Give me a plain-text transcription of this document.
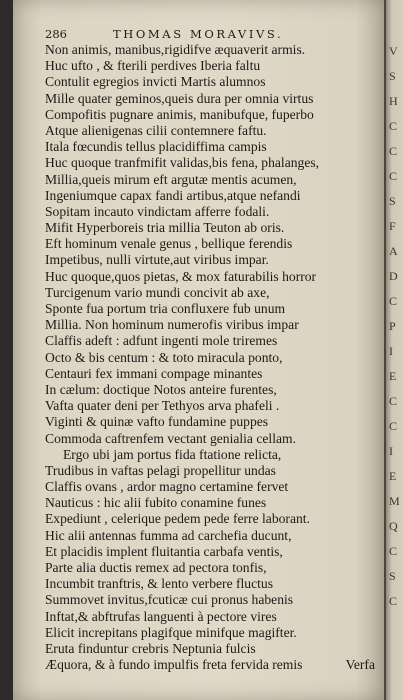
286	THOMAS MORAVIVS.
Non animis, manibus,rigidifve æquaverit armis.
Huc ufto , & fterili perdives Iberia faltu
Contulit egregios invicti Martis alumnos
Mille quater geminos,queis dura per omnia virtus
Compofitis pugnare animis, manibufque, fuperbo
Atque alienigenas cilii contemnere faftu.
Itala fœcundis tellus placidiffima campis
Huc quoque tranfmifit validas,bis fena, phalanges,
Millia,queis mirum eft argutæ mentis acumen,
Ingeniumque capax fandi artibus,atque nefandi
Sopitam incauto vindictam afferre fodali.
Mifit Hyperboreis tria millia Teuton ab oris.
Eft hominum venale genus , bellique ferendis
Impetibus, nulli virtute,aut viribus impar.
Huc quoque,quos pietas, & mox faturabilis horror
Turcigenum vario mundi concivit ab axe,
Sponte fua portum tria confluxere fub unum
Millia. Non hominum numerofis viribus impar
Claffis adeft : adfunt ingenti mole triremes
Octo & bis centum : & toto miracula ponto,
Centauri fex immani compage minantes
In cælum: doctique Notos anteire furentes,
Vafta quater deni per Tethyos arva phafeli .
Viginti & quinæ vafto fundamine puppes
Commoda caftrenfem vectant genialia cellam.
Ergo ubi jam portus fida ftatione relicta,
Trudibus in vaftas pelagi propellitur undas
Claffis ovans , ardor magno certamine fervet
Nauticus : hic alii fubito conamine funes
Expediunt , celerique pedem pede ferre laborant.
Hic alii antennas fumma ad carchefia ducunt,
Et placidis implent fluitantia carbafa ventis,
Parte alia ductis remex ad pectora tonfis,
Incumbit tranftris, & lento verbere fluctus
Summovet invitus,fcuticæ cui pronus habenis
Inftat,& abftrufas languenti à pectore vires
Elicit increpitans plagifque minifque magifter.
Eruta finduntur crebris Neptunia fulcis
Æquora, & à fundo impulfis freta fervida remis	Verfa
V
S
H
C
C
C
S
F
A
D
C
P
I
E
C
C
I
E
M
Q
C
S
C
